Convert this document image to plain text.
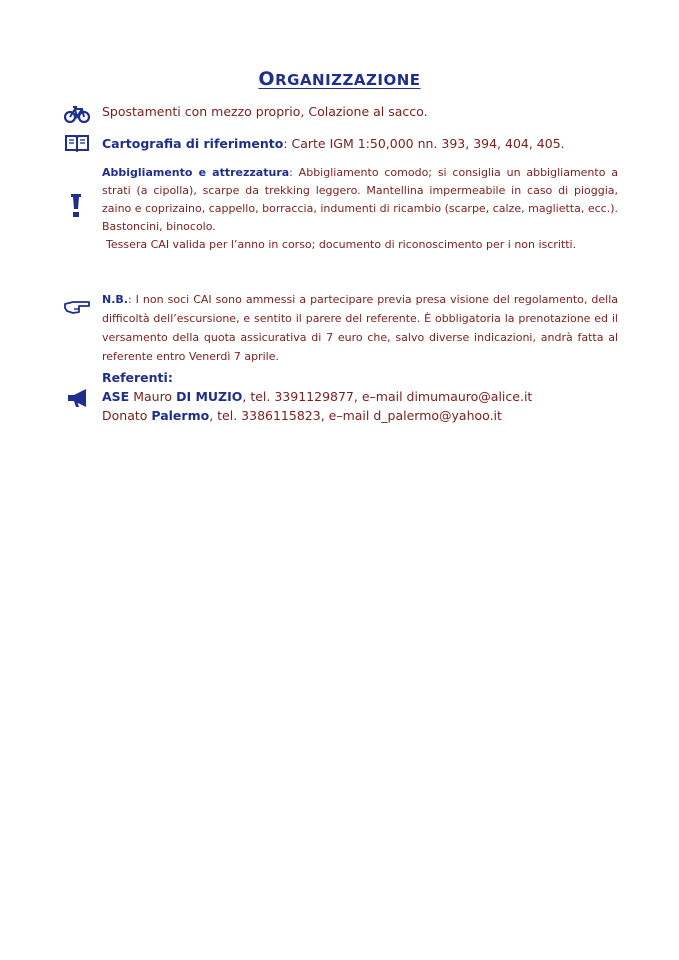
ORGANIZZAZIONE
Spostamenti con mezzo proprio, Colazione al sacco.
Cartografia di riferimento: Carte IGM 1:50,000 nn. 393, 394, 404, 405.
Abbigliamento e attrezzatura: Abbigliamento comodo; si consiglia un abbigliamento a strati (a cipolla), scarpe da trekking leggero. Mantellina impermeabile in caso di pioggia, zaino e coprizaino, cappello, borraccia, indumenti di ricambio (scarpe, calze, maglietta, ecc.). Bastoncini, binocolo.
Tessera CAI valida per l’anno in corso; documento di riconoscimento per i non iscritti.
N.B.: I non soci CAI sono ammessi a partecipare previa presa visione del regolamento, della difficoltà dell’escursione, e sentito il parere del referente. È obbligatoria la prenotazione ed il versamento della quota assicurativa di 7 euro che, salvo diverse indicazioni, andrà fatta al referente entro Venerdì 7 aprile.
Referenti:
ASE Mauro DI MUZIO, tel. 3391129877, e–mail dimumauro@alice.it
Donato Palermo, tel. 3386115823, e–mail d_palermo@yahoo.it
